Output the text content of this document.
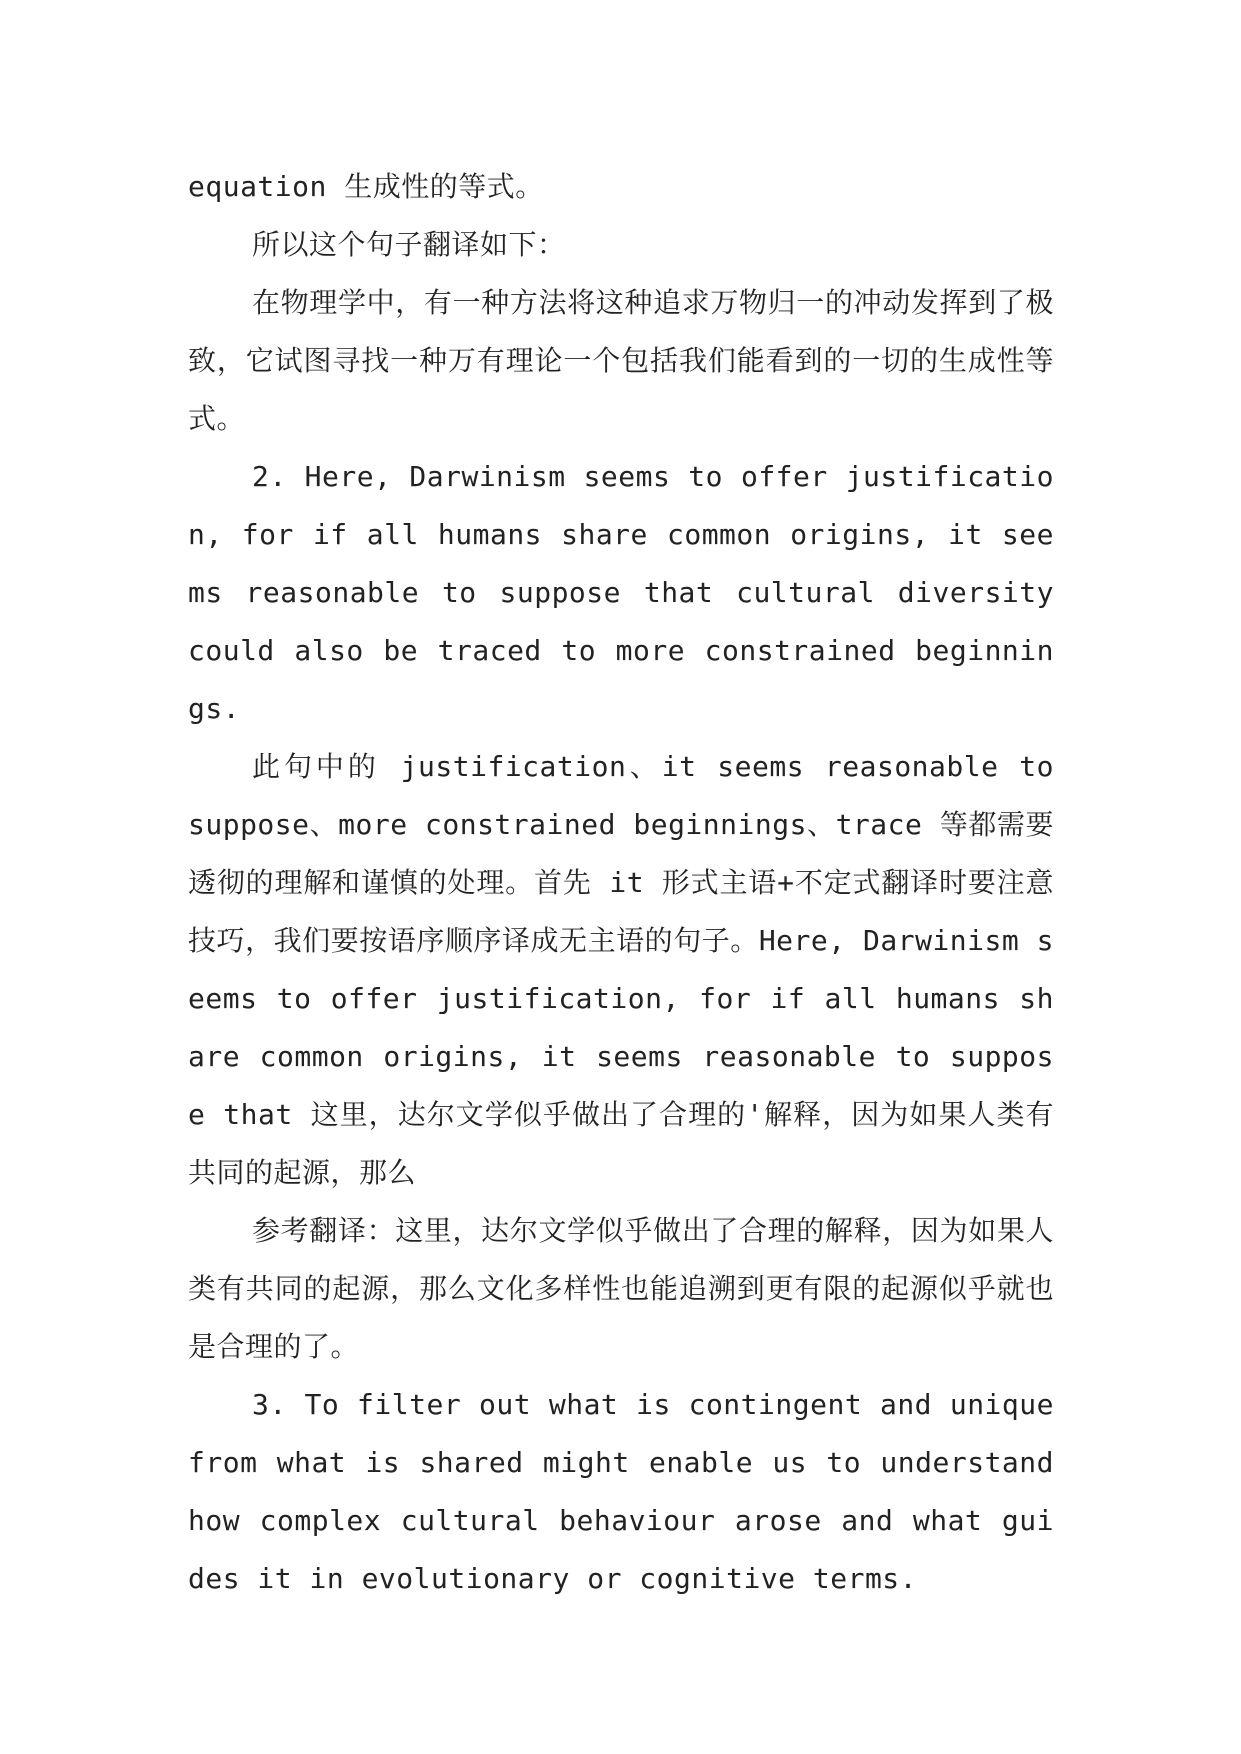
equation 生成性的等式。

所以这个句子翻译如下：

在物理学中，有一种方法将这种追求万物归一的冲动发挥到了极致，它试图寻找一种万有理论一个包括我们能看到的一切的生成性等式。

2. Here, Darwinism seems to offer justification, for if all humans share common origins, it seems reasonable to suppose that cultural diversity could also be traced to more constrained beginnings.

此句中的 justification、it seems reasonable to suppose、more constrained beginnings、trace 等都需要透彻的理解和谨慎的处理。首先 it 形式主语+不定式翻译时要注意技巧，我们要按语序顺序译成无主语的句子。Here, Darwinism seems to offer justification, for if all humans share common origins, it seems reasonable to suppose that 这里，达尔文学似乎做出了合理的'解释，因为如果人类有共同的起源，那么

参考翻译：这里，达尔文学似乎做出了合理的解释，因为如果人类有共同的起源，那么文化多样性也能追溯到更有限的起源似乎就也是合理的了。

3. To filter out what is contingent and unique from what is shared might enable us to understand how complex cultural behaviour arose and what guides it in evolutionary or cognitive terms.
